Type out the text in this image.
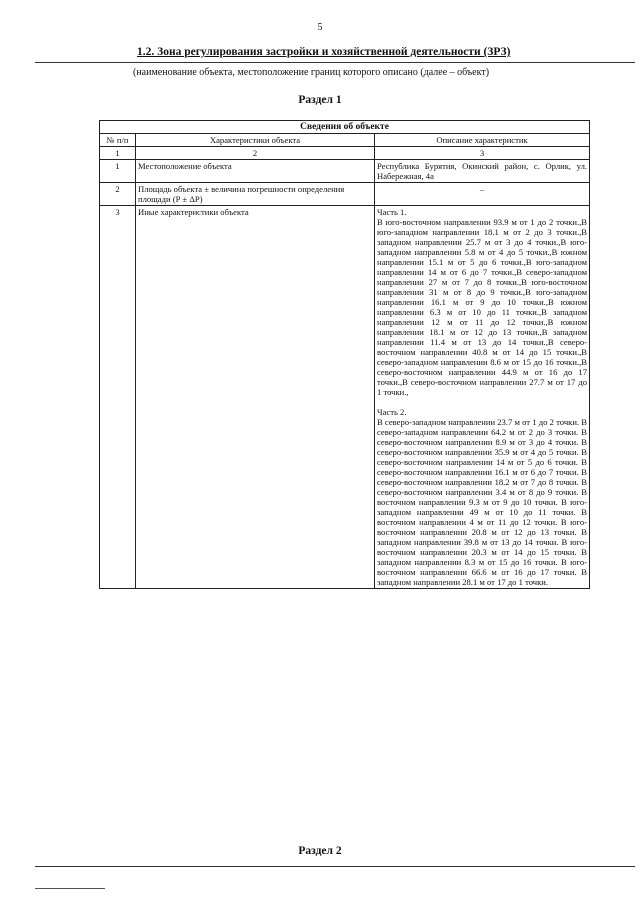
5
1.2. Зона регулирования застройки и хозяйственной деятельности (ЗРЗ)
(наименование объекта, местоположение границ которого описано (далее – объект)
Раздел 1
Сведения об объекте		
№ п/п	Характеристики объекта	Описание характеристик
1	2	3
1	Местоположение объекта	Республика Бурятия, Окинский район, с. Орлик, ул. Набережная, 4а
2	Площадь объекта ± величина погрешности определения площади (Р ± ΔР)	–
3	Иные характеристики объекта	Часть 1.
В юго-восточном направлении 93.9 м от 1 до 2 точки.,В юго-западном направлении 18.1 м от 2 до 3 точки.,В западном направлении 25.7 м от 3 до 4 точки.,В юго-западном направлении 5.8 м от 4 до 5 точки.,В южном направлении 15.1 м от 5 до 6 точки.,В юго-западном направлении 14 м от 6 до 7 точки.,В северо-западном направлении 27 м от 7 до 8 точки.,В юго-восточном направлении 31 м от 8 до 9 точки.,В юго-западном направлении 16.1 м от 9 до 10 точки.,В южном направлении 6.3 м от 10 до 11 точки.,В западном направлении 12 м от 11 до 12 точки.,В южном направлении 18.1 м от 12 до 13 точки.,В западном направлении 11.4 м от 13 до 14 точки.,В северо-восточном направлении 40.8 м от 14 до 15 точки.,В северо-западном направлении 8.6 м от 15 до 16 точки.,В северо-восточном направлении 44.9 м от 16 до 17 точки.,В северо-восточном направлении 27.7 м от 17 до 1 точки.,
Часть 2.
В северо-западном направлении 23.7 м от 1 до 2 точки. В северо-западном направлении 64.2 м от 2 до 3 точки. В северо-восточном направлении 8.9 м от 3 до 4 точки. В северо-восточном направлении 35.9 м от 4 до 5 точки. В северо-восточном направлении 14 м от 5 до 6 точки. В северо-восточном направлении 16.1 м от 6 до 7 точки. В северо-восточном направлении 18.2 м от 7 до 8 точки. В северо-восточном направлении 3.4 м от 8 до 9 точки. В восточном направлении 9.3 м от 9 до 10 точки. В юго-западном направлении 49 м от 10 до 11 точки. В восточном направлении 4 м от 11 до 12 точки. В юго-восточном направлении 20.8 м от 12 до 13 точки. В западном направлении 39.8 м от 13 до 14 точки. В юго-восточном направлении 20.3 м от 14 до 15 точки. В западном направлении 8.3 м от 15 до 16 точки. В юго-восточном направлении 66.6 м от 16 до 17 точки. В западном направлении 28.1 м от 17 до 1 точки.
Раздел 2
